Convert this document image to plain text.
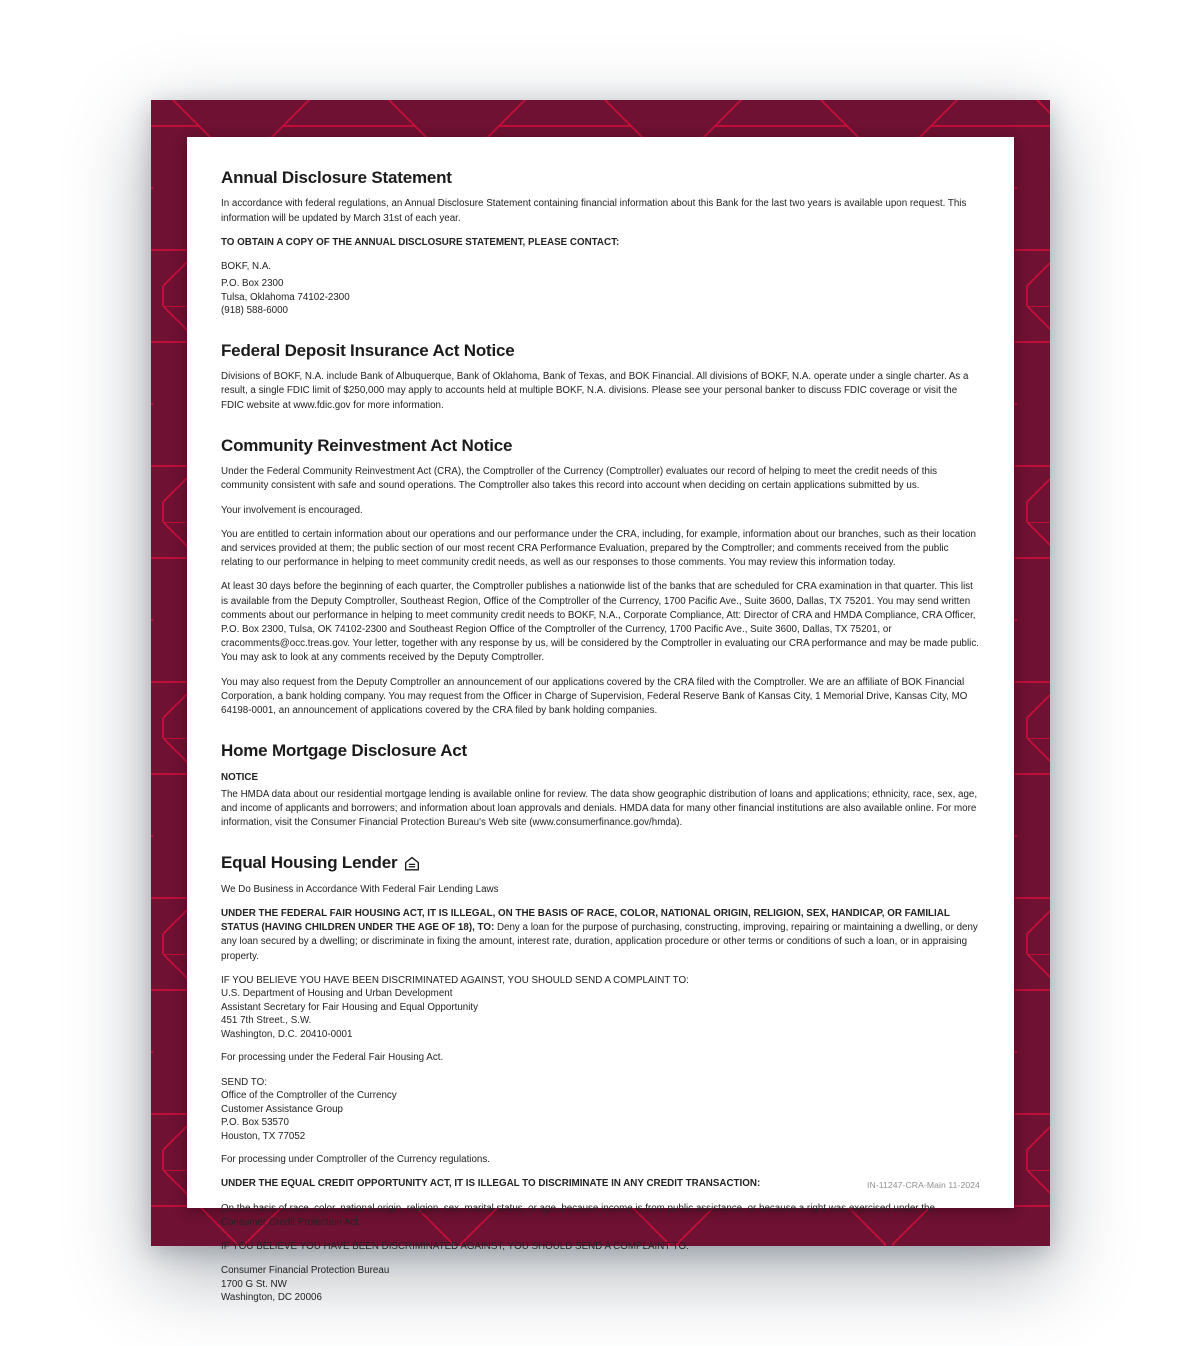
Annual Disclosure Statement

In accordance with federal regulations, an Annual Disclosure Statement containing financial information about this Bank for the last two years is available upon request. This information will be updated by March 31st of each year.

TO OBTAIN A COPY OF THE ANNUAL DISCLOSURE STATEMENT, PLEASE CONTACT:

BOKF, N.A.

P.O. Box 2300
Tulsa, Oklahoma 74102-2300
(918) 588-6000
Federal Deposit Insurance Act Notice

Divisions of BOKF, N.A. include Bank of Albuquerque, Bank of Oklahoma, Bank of Texas, and BOK Financial. All divisions of BOKF, N.A. operate under a single charter. As a result, a single FDIC limit of $250,000 may apply to accounts held at multiple BOKF, N.A. divisions. Please see your personal banker to discuss FDIC coverage or visit the FDIC website at www.fdic.gov for more information.

Community Reinvestment Act Notice

Under the Federal Community Reinvestment Act (CRA), the Comptroller of the Currency (Comptroller) evaluates our record of helping to meet the credit needs of this community consistent with safe and sound operations. The Comptroller also takes this record into account when deciding on certain applications submitted by us.

Your involvement is encouraged.

You are entitled to certain information about our operations and our performance under the CRA, including, for example, information about our branches, such as their location and services provided at them; the public section of our most recent CRA Performance Evaluation, prepared by the Comptroller; and comments received from the public relating to our performance in helping to meet community credit needs, as well as our responses to those comments. You may review this information today.

At least 30 days before the beginning of each quarter, the Comptroller publishes a nationwide list of the banks that are scheduled for CRA examination in that quarter. This list is available from the Deputy Comptroller, Southeast Region, Office of the Comptroller of the Currency, 1700 Pacific Ave., Suite 3600, Dallas, TX 75201. You may send written comments about our performance in helping to meet community credit needs to BOKF, N.A., Corporate Compliance, Att: Director of CRA and HMDA Compliance, CRA Officer, P.O. Box 2300, Tulsa, OK 74102-2300 and Southeast Region Office of the Comptroller of the Currency, 1700 Pacific Ave., Suite 3600, Dallas, TX 75201, or cracomments@occ.treas.gov. Your letter, together with any response by us, will be considered by the Comptroller in evaluating our CRA performance and may be made public. You may ask to look at any comments received by the Deputy Comptroller.

You may also request from the Deputy Comptroller an announcement of our applications covered by the CRA filed with the Comptroller. We are an affiliate of BOK Financial Corporation, a bank holding company. You may request from the Officer in Charge of Supervision, Federal Reserve Bank of Kansas City, 1 Memorial Drive, Kansas City, MO 64198-0001, an announcement of applications covered by the CRA filed by bank holding companies.

Home Mortgage Disclosure Act

NOTICE

The HMDA data about our residential mortgage lending is available online for review. The data show geographic distribution of loans and applications; ethnicity, race, sex, age, and income of applicants and borrowers; and information about loan approvals and denials. HMDA data for many other financial institutions are also available online. For more information, visit the Consumer Financial Protection Bureau's Web site (www.consumerfinance.gov/hmda).

Equal Housing Lender

We Do Business in Accordance With Federal Fair Lending Laws

UNDER THE FEDERAL FAIR HOUSING ACT, IT IS ILLEGAL, ON THE BASIS OF RACE, COLOR, NATIONAL ORIGIN, RELIGION, SEX, HANDICAP, OR FAMILIAL STATUS (HAVING CHILDREN UNDER THE AGE OF 18), TO: Deny a loan for the purpose of purchasing, constructing, improving, repairing or maintaining a dwelling, or deny any loan secured by a dwelling; or discriminate in fixing the amount, interest rate, duration, application procedure or other terms or conditions of such a loan, or in appraising property.

IF YOU BELIEVE YOU HAVE BEEN DISCRIMINATED AGAINST, YOU SHOULD SEND A COMPLAINT TO:
U.S. Department of Housing and Urban Development
Assistant Secretary for Fair Housing and Equal Opportunity
451 7th Street., S.W.
Washington, D.C. 20410-0001

For processing under the Federal Fair Housing Act.

SEND TO:
Office of the Comptroller of the Currency
Customer Assistance Group
P.O. Box 53570
Houston, TX 77052

For processing under Comptroller of the Currency regulations.

UNDER THE EQUAL CREDIT OPPORTUNITY ACT, IT IS ILLEGAL TO DISCRIMINATE IN ANY CREDIT TRANSACTION:

On the basis of race, color, national origin, religion, sex, marital status, or age, because income is from public assistance, or because a right was exercised under the Consumer Credit Protection Act.

IF YOU BELIEVE YOU HAVE BEEN DISCRIMINATED AGAINST, YOU SHOULD SEND A COMPLAINT TO:

Consumer Financial Protection Bureau
1700 G St. NW
Washington, DC 20006
IN-11247-CRA-Main 11-2024
